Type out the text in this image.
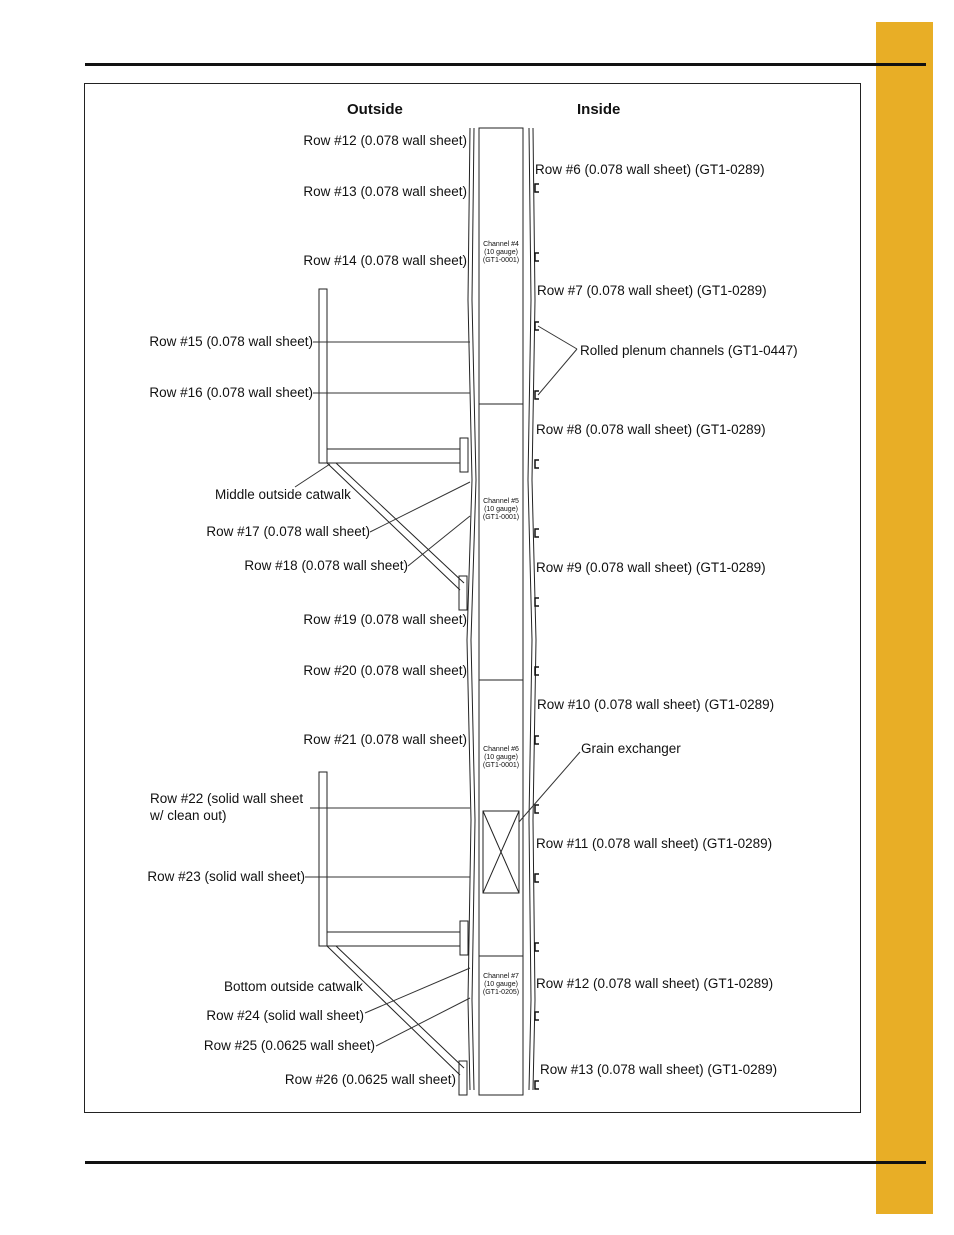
Outside	Inside
Row #12 (0.078 wall sheet)
Row #13 (0.078 wall sheet)
Row #14 (0.078 wall sheet)
Row #15 (0.078 wall sheet)
Row #16 (0.078 wall sheet)
Row #17 (0.078 wall sheet)
Row #18 (0.078 wall sheet)
Row #19 (0.078 wall sheet)
Row #20 (0.078 wall sheet)
Row #21 (0.078 wall sheet)
Row #22 (solid wall sheet
w/ clean out)
Row #23 (solid wall sheet)
Row #24 (solid wall sheet)
Row #25 (0.0625 wall sheet)
Row #26 (0.0625 wall sheet)
Middle outside catwalk
Bottom outside catwalk
Row #6 (0.078 wall sheet) (GT1-0289)
Row #7 (0.078 wall sheet) (GT1-0289)
Row #8 (0.078 wall sheet) (GT1-0289)
Row #9 (0.078 wall sheet) (GT1-0289)
Row #10 (0.078 wall sheet) (GT1-0289)
Row #11 (0.078 wall sheet) (GT1-0289)
Row #12 (0.078 wall sheet) (GT1-0289)
Row #13 (0.078 wall sheet) (GT1-0289)
Rolled plenum channels (GT1-0447)
Grain exchanger
Channel #4
(10 gauge)
(GT1-0001)
Channel #5
(10 gauge)
(GT1-0001)
Channel #6
(10 gauge)
(GT1-0001)
Channel #7
(10 gauge)
(GT1-0205)
